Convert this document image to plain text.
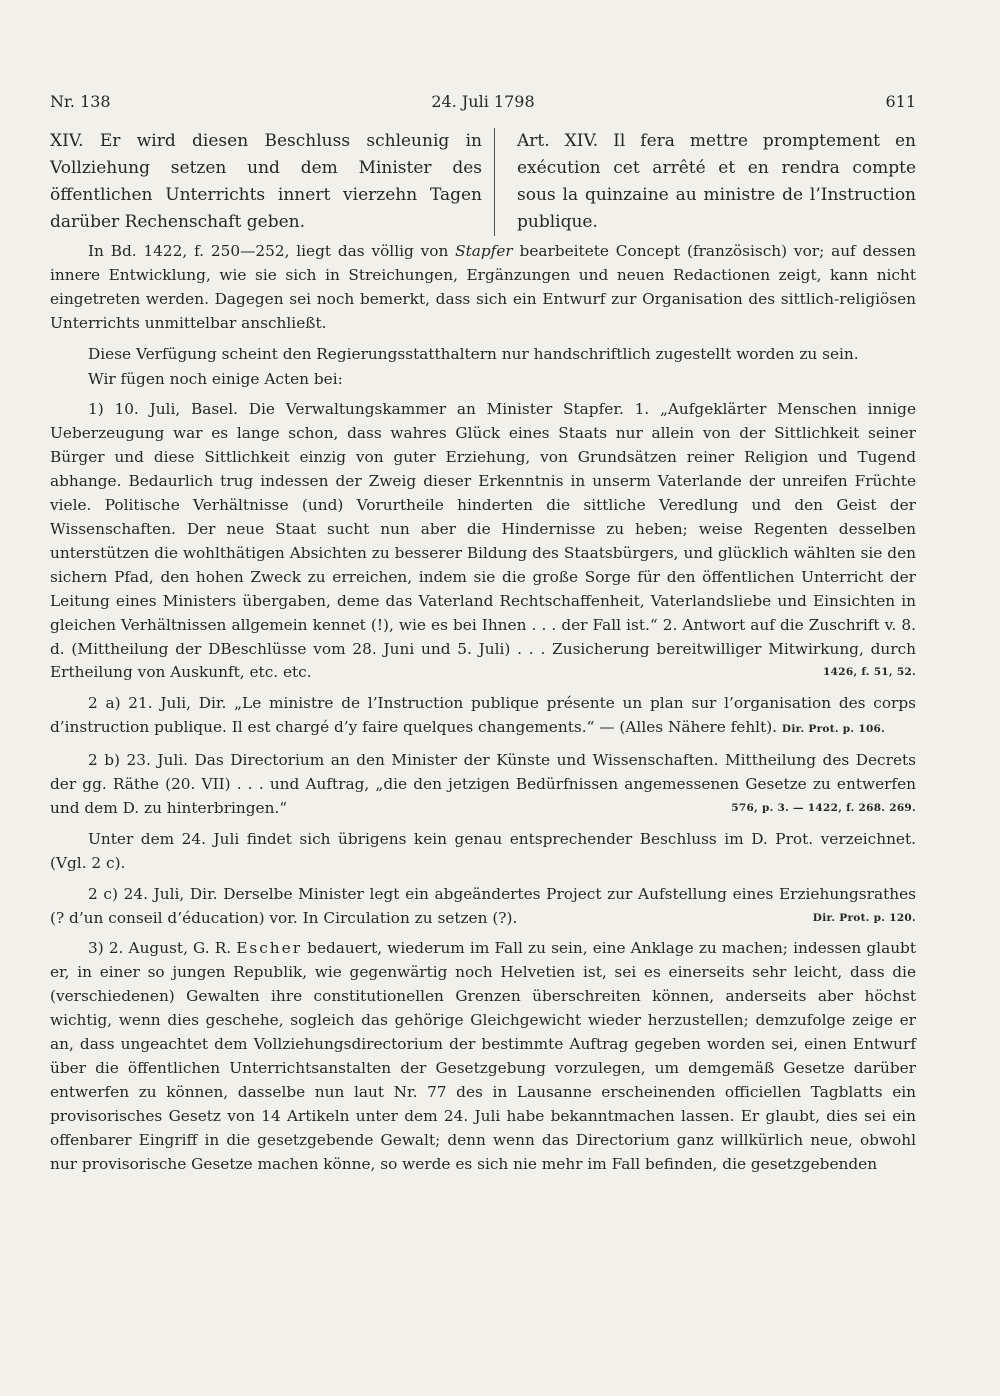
Nr. 138	24. Juli 1798	611
XIV. Er wird diesen Beschluss schleunig in Vollziehung setzen und dem Minister des öffentlichen Unterrichts innert vierzehn Tagen darüber Rechenschaft geben.
Art. XIV. Il fera mettre promptement en exécution cet arrêté et en rendra compte sous la quinzaine au ministre de l’Instruction publique.

In Bd. 1422, f. 250—252, liegt das völlig von Stapfer bearbeitete Concept (französisch) vor; auf dessen innere Entwicklung, wie sie sich in Streichungen, Ergänzungen und neuen Redactionen zeigt, kann nicht eingetreten werden. Dagegen sei noch bemerkt, dass sich ein Entwurf zur Organisation des sittlich-religiösen Unterrichts unmittelbar anschließt.

Diese Verfügung scheint den Regierungsstatthaltern nur handschriftlich zugestellt worden zu sein.

Wir fügen noch einige Acten bei:

1) 10. Juli, Basel. Die Verwaltungskammer an Minister Stapfer. 1. „Aufgeklärter Menschen innige Ueberzeugung war es lange schon, dass wahres Glück eines Staats nur allein von der Sittlichkeit seiner Bürger und diese Sittlichkeit einzig von guter Erziehung, von Grundsätzen reiner Religion und Tugend abhange. Bedaurlich trug indessen der Zweig dieser Erkenntnis in unserm Vaterlande der unreifen Früchte viele. Politische Verhältnisse (und) Vorurtheile hinderten die sittliche Veredlung und den Geist der Wissenschaften. Der neue Staat sucht nun aber die Hindernisse zu heben; weise Regenten desselben unterstützen die wohlthätigen Absichten zu besserer Bildung des Staatsbürgers, und glücklich wählten sie den sichern Pfad, den hohen Zweck zu erreichen, indem sie die große Sorge für den öffentlichen Unterricht der Leitung eines Ministers übergaben, deme das Vaterland Rechtschaffenheit, Vaterlandsliebe und Einsichten in gleichen Verhältnissen allgemein kennet (!), wie es bei Ihnen . . . der Fall ist.“ 2. Antwort auf die Zuschrift v. 8. d. (Mittheilung der DBeschlüsse vom 28. Juni und 5. Juli) . . . Zusicherung bereitwilliger Mitwirkung, durch Ertheilung von Auskunft, etc. etc.	1426, f. 51, 52.

2 a) 21. Juli, Dir. „Le ministre de l’Instruction publique présente un plan sur l’organisation des corps d’instruction publique. Il est chargé d’y faire quelques changements.“ — (Alles Nähere fehlt). Dir. Prot. p. 106.

2 b) 23. Juli. Das Directorium an den Minister der Künste und Wissenschaften. Mittheilung des Decrets der gg. Räthe (20. VII) . . . und Auftrag, „die den jetzigen Bedürfnissen angemessenen Gesetze zu entwerfen und dem D. zu hinterbringen.“	576, p. 3. — 1422, f. 268. 269.

Unter dem 24. Juli findet sich übrigens kein genau entsprechender Beschluss im D. Prot. verzeichnet. (Vgl. 2 c).

2 c) 24. Juli, Dir. Derselbe Minister legt ein abgeändertes Project zur Aufstellung eines Erziehungsrathes (? d’un conseil d’éducation) vor. In Circulation zu setzen (?).	Dir. Prot. p. 120.

3) 2. August, G. R. Escher bedauert, wiederum im Fall zu sein, eine Anklage zu machen; indessen glaubt er, in einer so jungen Republik, wie gegenwärtig noch Helvetien ist, sei es einerseits sehr leicht, dass die (verschiedenen) Gewalten ihre constitutionellen Grenzen überschreiten können, anderseits aber höchst wichtig, wenn dies geschehe, sogleich das gehörige Gleichgewicht wieder herzustellen; demzufolge zeige er an, dass ungeachtet dem Vollziehungsdirectorium der bestimmte Auftrag gegeben worden sei, einen Entwurf über die öffentlichen Unterrichtsanstalten der Gesetzgebung vorzulegen, um demgemäß Gesetze darüber entwerfen zu können, dasselbe nun laut Nr. 77 des in Lausanne erscheinenden officiellen Tagblatts ein provisorisches Gesetz von 14 Artikeln unter dem 24. Juli habe bekanntmachen lassen. Er glaubt, dies sei ein offenbarer Eingriff in die gesetzgebende Gewalt; denn wenn das Directorium ganz willkürlich neue, obwohl nur provisorische Gesetze machen könne, so werde es sich nie mehr im Fall befinden, die gesetzgebenden
